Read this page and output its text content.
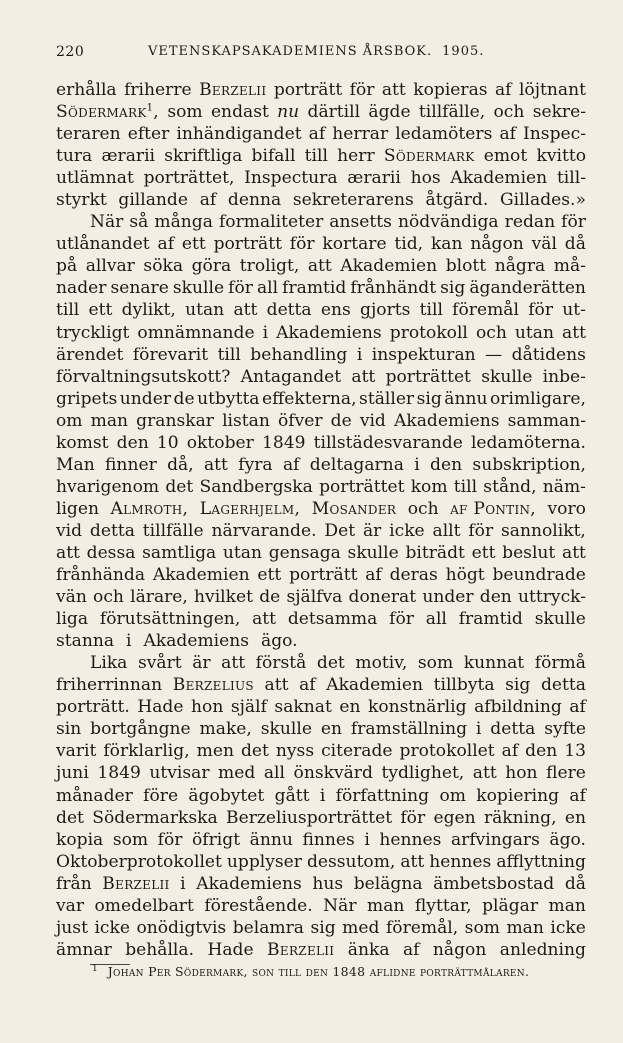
220	VETENSKAPSAKADEMIENS ÅRSBOK. 1905.
erhålla friherre Berzelii porträtt för att kopieras af löjtnant
Södermark$^1$, som endast nu därtill ägde tillfälle, och sekre-
teraren efter inhändigandet af herrar ledamöters af Inspec-
tura ærarii skriftliga bifall till herr Södermark emot kvitto
utlämnat porträttet, Inspectura ærarii hos Akademien till-
styrkt gillande af denna sekreterarens åtgärd. Gillades.»
När så många formaliteter ansetts nödvändiga redan för
utlånandet af ett porträtt för kortare tid, kan någon väl då
på allvar söka göra troligt, att Akademien blott några må-
nader senare skulle för all framtid frånhändt sig äganderätten
till ett dylikt, utan att detta ens gjorts till föremål för ut-
tryckligt omnämnande i Akademiens protokoll och utan att
ärendet förevarit till behandling i inspekturan — dåtidens
förvaltningsutskott? Antagandet att porträttet skulle inbe-
gripets under de utbytta effekterna, ställer sig ännu orimligare,
om man granskar listan öfver de vid Akademiens samman-
komst den 10 oktober 1849 tillstädesvarande ledamöterna.
Man finner då, att fyra af deltagarna i den subskription,
hvarigenom det Sandbergska porträttet kom till stånd, näm-
ligen Almroth, Lagerhjelm, Mosander och af Pontin, voro
vid detta tillfälle närvarande. Det är icke allt för sannolikt,
att dessa samtliga utan gensaga skulle biträdt ett beslut att
frånhända Akademien ett porträtt af deras högt beundrade
vän och lärare, hvilket de själfva donerat under den uttryck-
liga förutsättningen, att detsamma för all framtid skulle
stanna i Akademiens ägo.
Lika svårt är att förstå det motiv, som kunnat förmå
friherrinnan Berzelius att af Akademien tillbyta sig detta
porträtt. Hade hon själf saknat en konstnärlig afbildning af
sin bortgångne make, skulle en framställning i detta syfte
varit förklarlig, men det nyss citerade protokollet af den 13
juni 1849 utvisar med all önskvärd tydlighet, att hon flere
månader före ägobytet gått i författning om kopiering af
det Södermarkska Berzeliusporträttet för egen räkning, en
kopia som för öfrigt ännu finnes i hennes arfvingars ägo.
Oktoberprotokollet upplyser dessutom, att hennes afflyttning
från Berzelii i Akademiens hus belägna ämbetsbostad då
var omedelbart förestående. När man flyttar, plägar man
just icke onödigtvis belamra sig med föremål, som man icke
ämnar behålla. Hade Berzelii änka af någon anledning
$^1$ Johan Per Södermark, son till den 1848 aflidne porträttmålaren.
